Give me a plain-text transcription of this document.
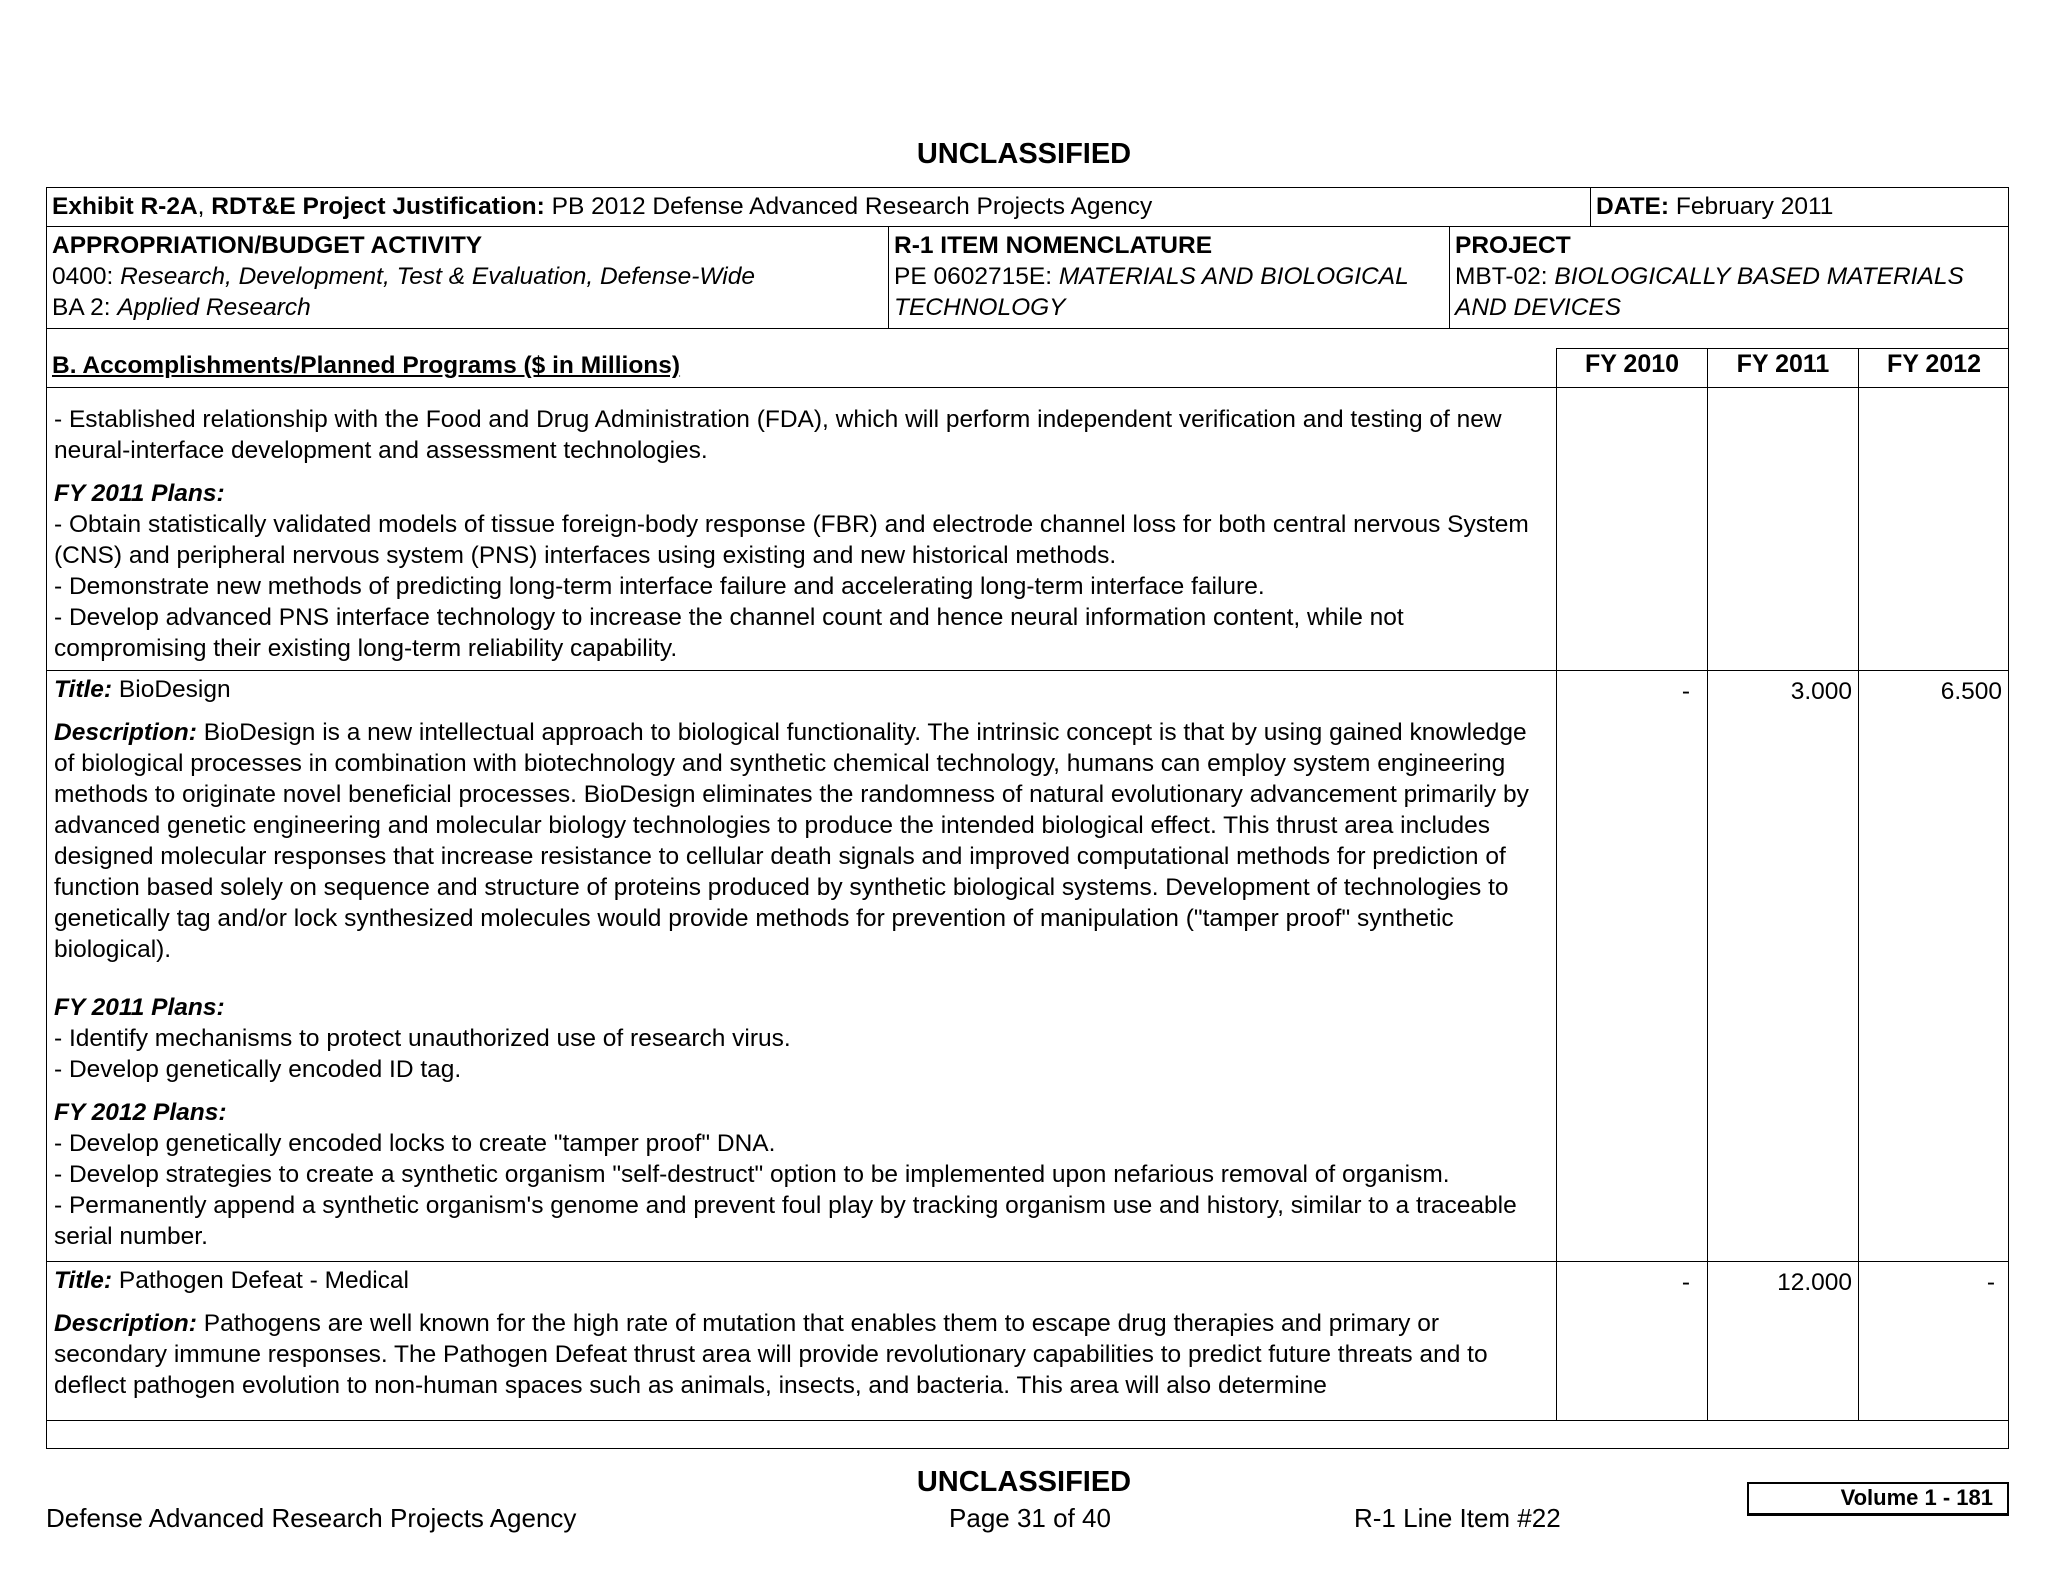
UNCLASSIFIED
Exhibit R-2A, RDT&E Project Justification: PB 2012 Defense Advanced Research Projects Agency	DATE: February 2011
APPROPRIATION/BUDGET ACTIVITY
0400: Research, Development, Test & Evaluation, Defense-Wide
BA 2: Applied Research
R-1 ITEM NOMENCLATURE
PE 0602715E: MATERIALS AND BIOLOGICAL
TECHNOLOGY
PROJECT
MBT-02: BIOLOGICALLY BASED MATERIALS
AND DEVICES
B. Accomplishments/Planned Programs ($ in Millions)	FY 2010	FY 2011	FY 2012

- Established relationship with the Food and Drug Administration (FDA), which will perform independent verification and testing of new neural-interface development and assessment technologies.

FY 2011 Plans:
- Obtain statistically validated models of tissue foreign-body response (FBR) and electrode channel loss for both central nervous System (CNS) and peripheral nervous system (PNS) interfaces using existing and new historical methods.
- Demonstrate new methods of predicting long-term interface failure and accelerating long-term interface failure.
- Develop advanced PNS interface technology to increase the channel count and hence neural information content, while not compromising their existing long-term reliability capability.
Title: BioDesign

Description: BioDesign is a new intellectual approach to biological functionality. The intrinsic concept is that by using gained knowledge of biological processes in combination with biotechnology and synthetic chemical technology, humans can employ system engineering methods to originate novel beneficial processes. BioDesign eliminates the randomness of natural evolutionary advancement primarily by advanced genetic engineering and molecular biology technologies to produce the intended biological effect. This thrust area includes designed molecular responses that increase resistance to cellular death signals and improved computational methods for prediction of function based solely on sequence and structure of proteins produced by synthetic biological systems. Development of technologies to genetically tag and/or lock synthesized molecules would provide methods for prevention of manipulation ("tamper proof" synthetic biological).

FY 2011 Plans:
- Identify mechanisms to protect unauthorized use of research virus.
- Develop genetically encoded ID tag.
FY 2012 Plans:
- Develop genetically encoded locks to create "tamper proof" DNA.
- Develop strategies to create a synthetic organism "self-destruct" option to be implemented upon nefarious removal of organism.
- Permanently append a synthetic organism's genome and prevent foul play by tracking organism use and history, similar to a traceable serial number.
-	3.000	6.500
Title: Pathogen Defeat - Medical

Description: Pathogens are well known for the high rate of mutation that enables them to escape drug therapies and primary or secondary immune responses. The Pathogen Defeat thrust area will provide revolutionary capabilities to predict future threats and to deflect pathogen evolution to non-human spaces such as animals, insects, and bacteria. This area will also determine

-	12.000	-
UNCLASSIFIED
Defense Advanced Research Projects Agency	Page 31 of 40	R-1 Line Item #22
Volume 1 - 181
